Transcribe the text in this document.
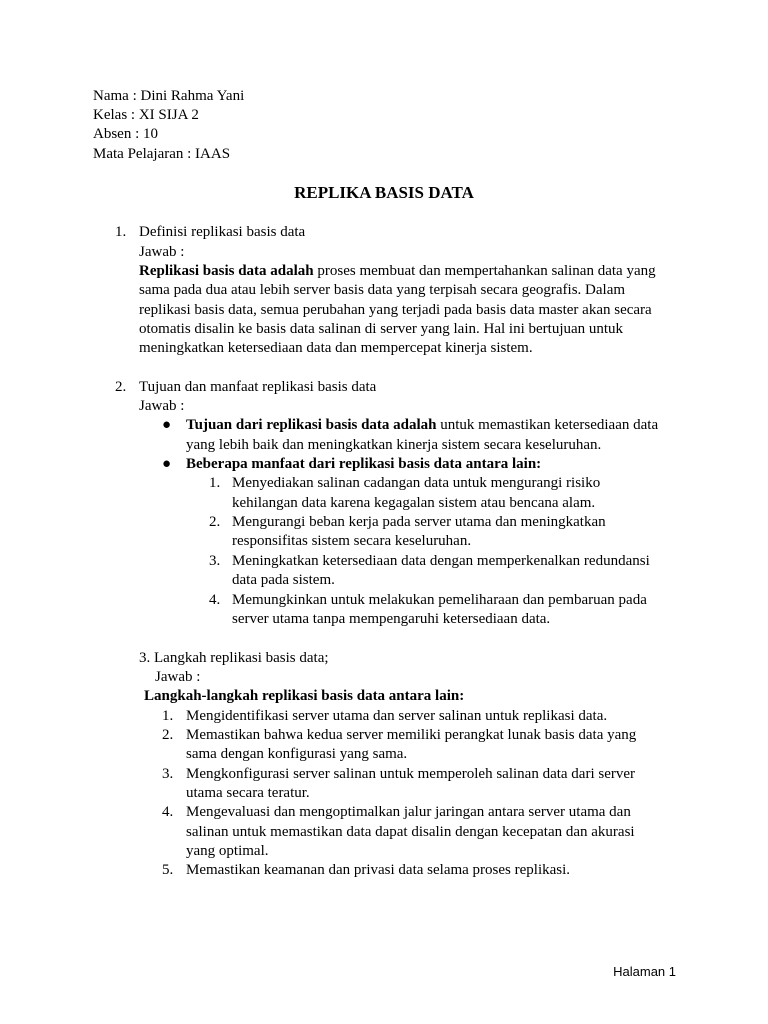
Nama : Dini Rahma Yani
Kelas : XI SIJA 2
Absen : 10
Mata Pelajaran : IAAS
REPLIKA BASIS DATA
1. Definisi replikasi basis data
Jawab :
Replikasi basis data adalah proses membuat dan mempertahankan salinan data yang
sama pada dua atau lebih server basis data yang terpisah secara geografis. Dalam
replikasi basis data, semua perubahan yang terjadi pada basis data master akan secara
otomatis disalin ke basis data salinan di server yang lain. Hal ini bertujuan untuk
meningkatkan ketersediaan data dan mempercepat kinerja sistem.
2. Tujuan dan manfaat replikasi basis data
Jawab :
● Tujuan dari replikasi basis data adalah untuk memastikan ketersediaan data
yang lebih baik dan meningkatkan kinerja sistem secara keseluruhan.
● Beberapa manfaat dari replikasi basis data antara lain:
1. Menyediakan salinan cadangan data untuk mengurangi risiko
kehilangan data karena kegagalan sistem atau bencana alam.
2. Mengurangi beban kerja pada server utama dan meningkatkan
responsifitas sistem secara keseluruhan.
3. Meningkatkan ketersediaan data dengan memperkenalkan redundansi
data pada sistem.
4. Memungkinkan untuk melakukan pemeliharaan dan pembaruan pada
server utama tanpa mempengaruhi ketersediaan data.
3. Langkah replikasi basis data;
Jawab :
Langkah-langkah replikasi basis data antara lain:
1. Mengidentifikasi server utama dan server salinan untuk replikasi data.
2. Memastikan bahwa kedua server memiliki perangkat lunak basis data yang
sama dengan konfigurasi yang sama.
3. Mengkonfigurasi server salinan untuk memperoleh salinan data dari server
utama secara teratur.
4. Mengevaluasi dan mengoptimalkan jalur jaringan antara server utama dan
salinan untuk memastikan data dapat disalin dengan kecepatan dan akurasi
yang optimal.
5. Memastikan keamanan dan privasi data selama proses replikasi.
Halaman 1
